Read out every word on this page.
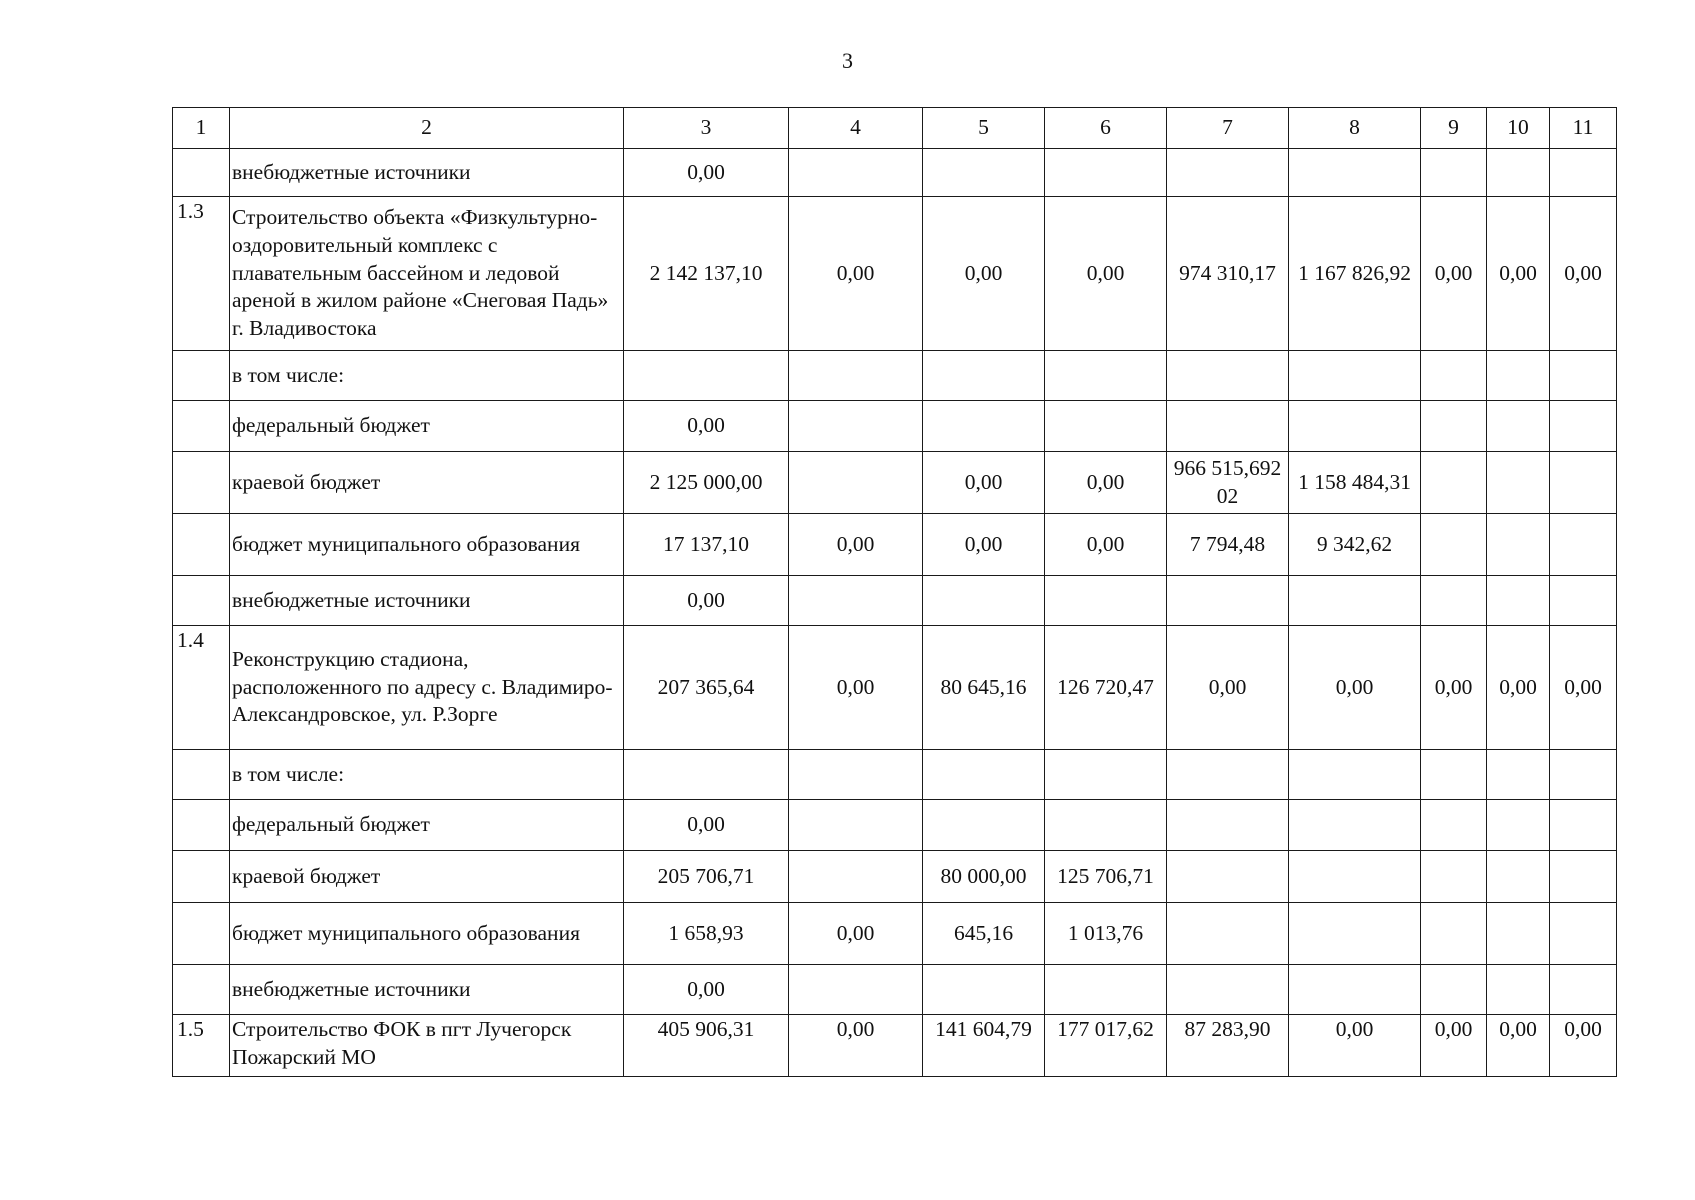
3
1	2	3	4	5	6	7	8	9	10	11
	внебюджетные источники	0,00								
1.3	Строительство объекта «Физкультурно-оздоровительный комплекс с плавательным бассейном и ледовой ареной в жилом районе «Снеговая Падь» г. Владивостока	2 142 137,10	0,00	0,00	0,00	974 310,17	1 167 826,92	0,00	0,00	0,00
	в том числе:									
	федеральный бюджет	0,00								
	краевой бюджет	2 125 000,00		0,00	0,00	966 515,69202	1 158 484,31			
	бюджет муниципального образования	17 137,10	0,00	0,00	0,00	7 794,48	9 342,62			
	внебюджетные источники	0,00								
1.4	Реконструкцию стадиона, расположенного по адресу с. Владимиро-Александровское, ул. Р.Зорге	207 365,64	0,00	80 645,16	126 720,47	0,00	0,00	0,00	0,00	0,00
	в том числе:									
	федеральный бюджет	0,00								
	краевой бюджет	205 706,71		80 000,00	125 706,71					
	бюджет муниципального образования	1 658,93	0,00	645,16	1 013,76					
	внебюджетные источники	0,00								
1.5	Строительство ФОК в пгт Лучегорск Пожарский МО	405 906,31	0,00	141 604,79	177 017,62	87 283,90	0,00	0,00	0,00	0,00
